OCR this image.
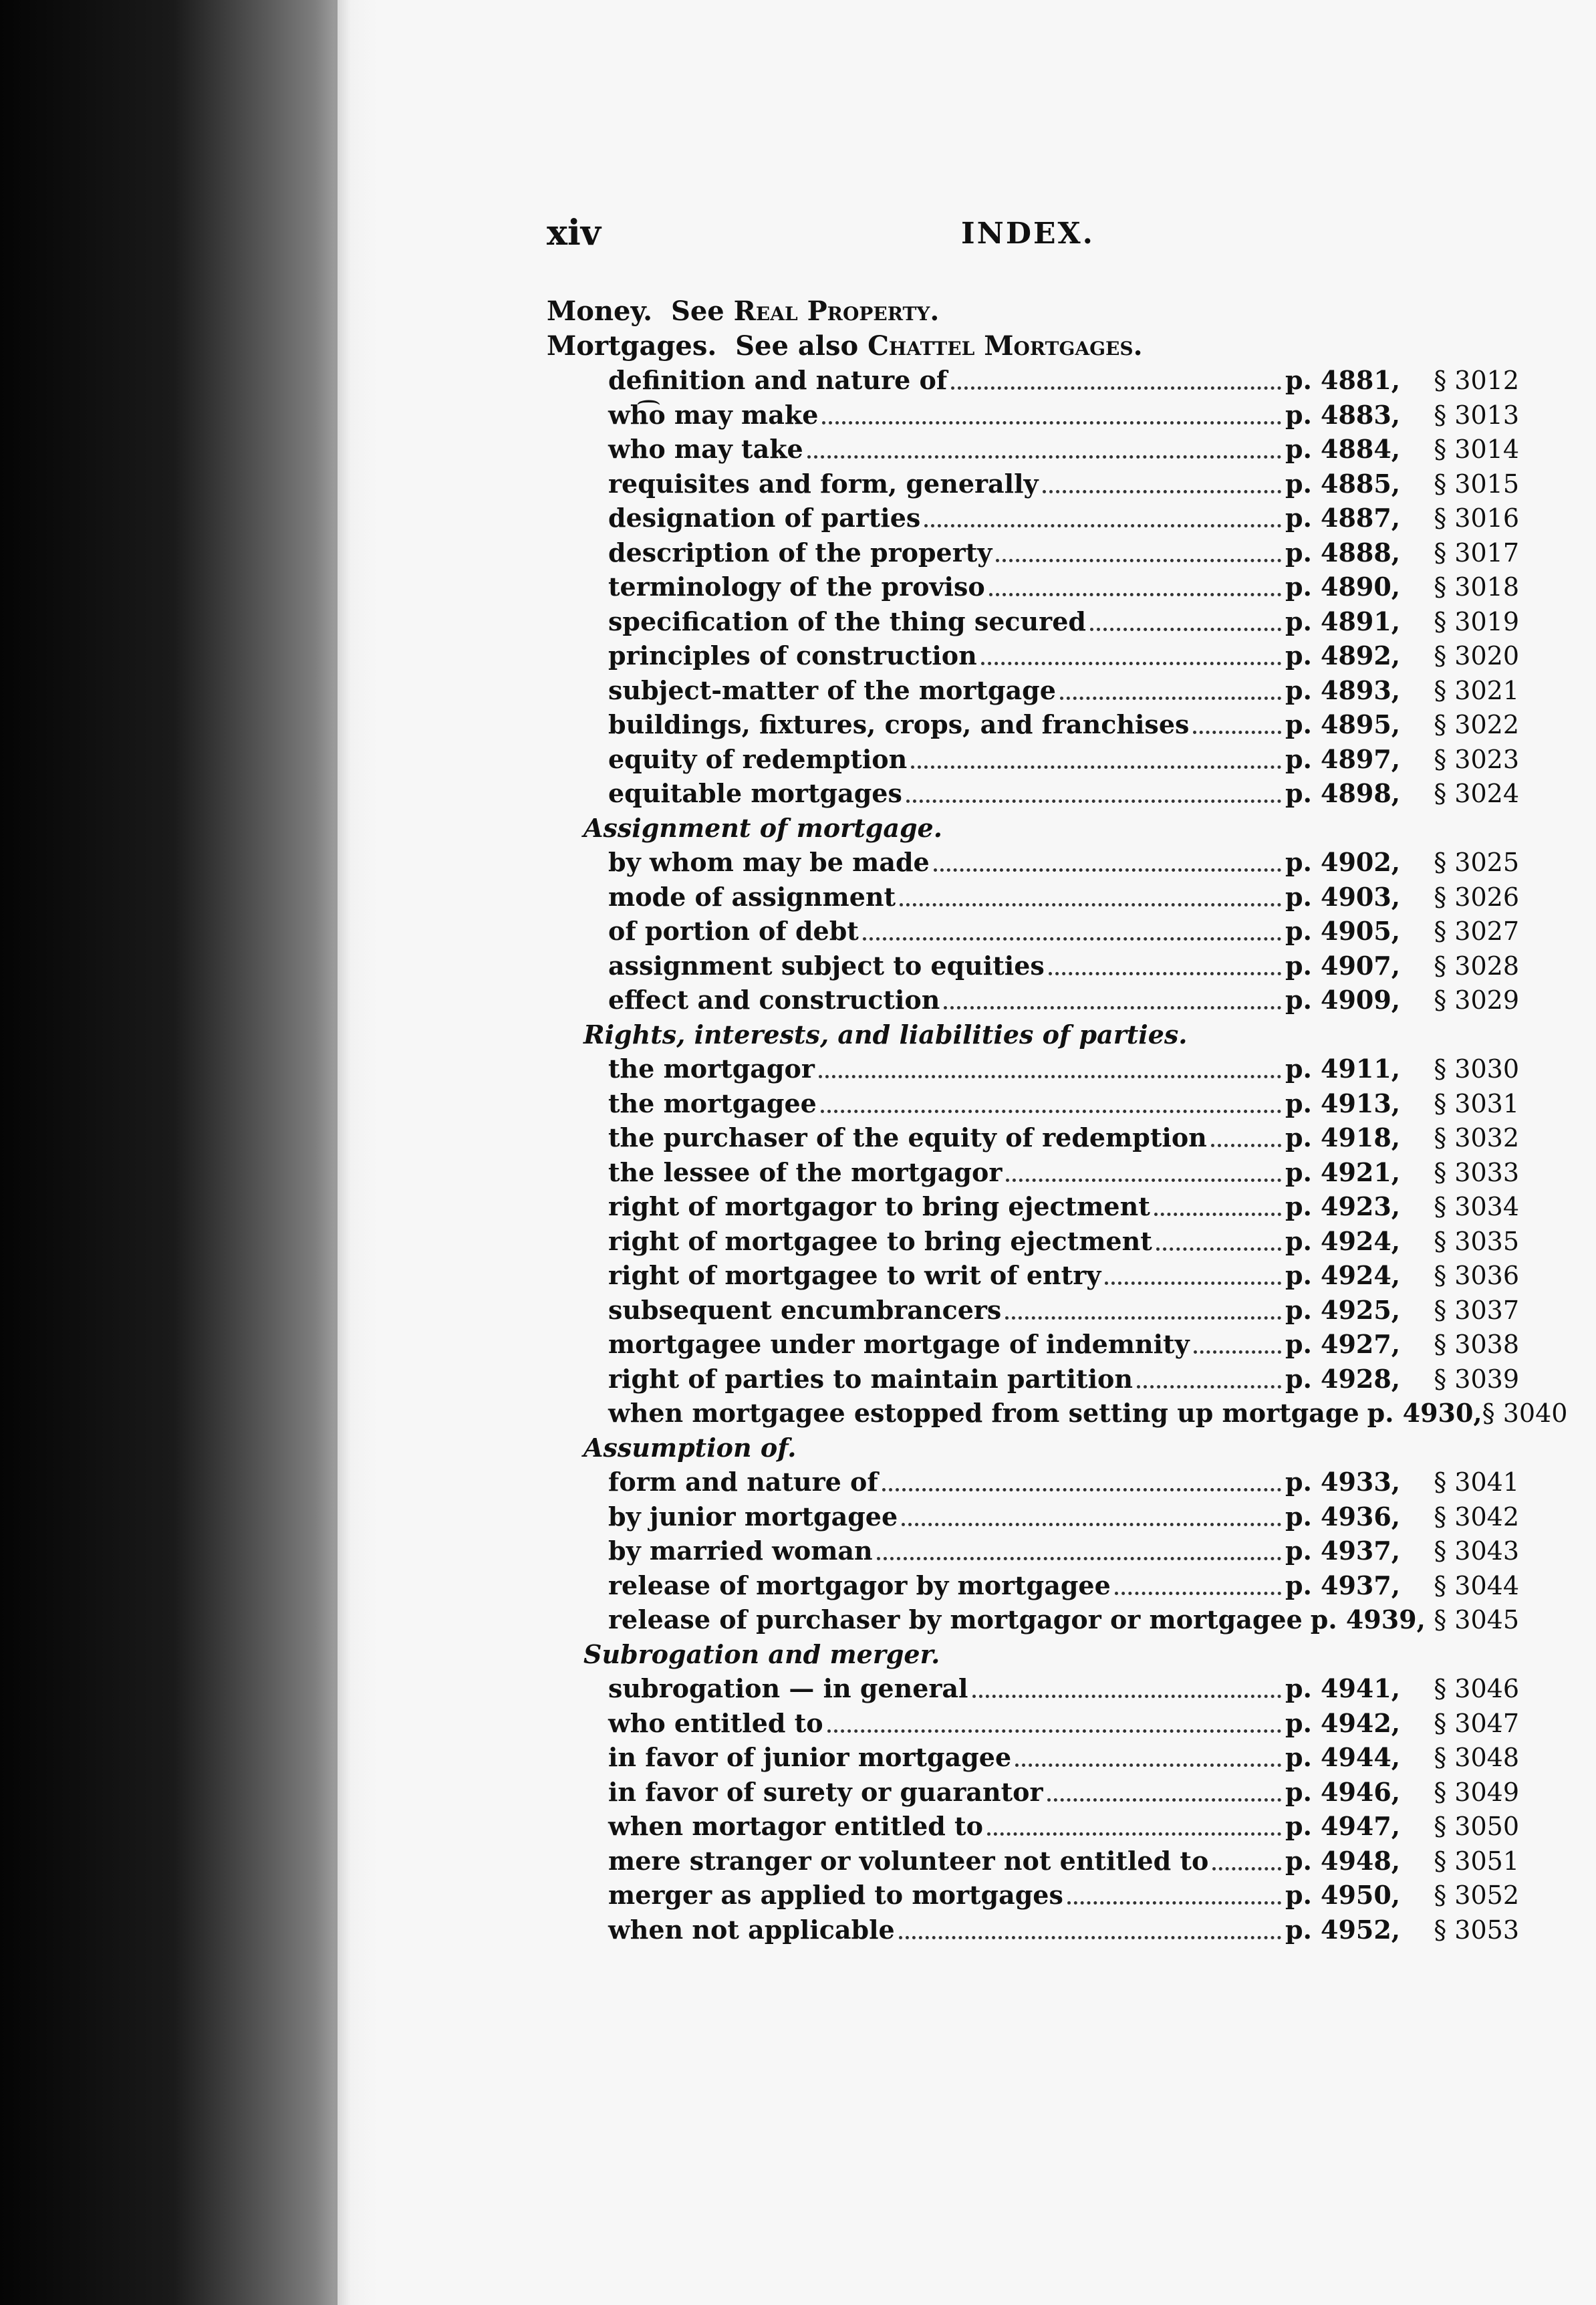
xiv	INDEX.
Money. See Real Property.
Mortgages. See also Chattel Mortgages.
definition and nature of	p. 4881,	§ 3012
wh͡o may make	p. 4883,	§ 3013
who may take	p. 4884,	§ 3014
requisites and form, generally	p. 4885,	§ 3015
designation of parties	p. 4887,	§ 3016
description of the property	p. 4888,	§ 3017
terminology of the proviso	p. 4890,	§ 3018
specification of the thing secured	p. 4891,	§ 3019
principles of construction	p. 4892,	§ 3020
subject-matter of the mortgage	p. 4893,	§ 3021
buildings, fixtures, crops, and franchises	p. 4895,	§ 3022
equity of redemption	p. 4897,	§ 3023
equitable mortgages	p. 4898,	§ 3024
Assignment of mortgage.
by whom may be made	p. 4902,	§ 3025
mode of assignment	p. 4903,	§ 3026
of portion of debt	p. 4905,	§ 3027
assignment subject to equities	p. 4907,	§ 3028
effect and construction	p. 4909,	§ 3029
Rights, interests, and liabilities of parties.
the mortgagor	p. 4911,	§ 3030
the mortgagee	p. 4913,	§ 3031
the purchaser of the equity of redemption	p. 4918,	§ 3032
the lessee of the mortgagor	p. 4921,	§ 3033
right of mortgagor to bring ejectment	p. 4923,	§ 3034
right of mortgagee to bring ejectment	p. 4924,	§ 3035
right of mortgagee to writ of entry	p. 4924,	§ 3036
subsequent encumbrancers	p. 4925,	§ 3037
mortgagee under mortgage of indemnity	p. 4927,	§ 3038
right of parties to maintain partition	p. 4928,	§ 3039
when mortgagee estopped from setting up mortgage p. 4930, § 3040
Assumption of.
form and nature of	p. 4933,	§ 3041
by junior mortgagee	p. 4936,	§ 3042
by married woman	p. 4937,	§ 3043
release of mortgagor by mortgagee	p. 4937,	§ 3044
release of purchaser by mortgagor or mortgagee p. 4939, § 3045
Subrogation and merger.
subrogation — in general	p. 4941,	§ 3046
who entitled to	p. 4942,	§ 3047
in favor of junior mortgagee	p. 4944,	§ 3048
in favor of surety or guarantor	p. 4946,	§ 3049
when mortagor entitled to	p. 4947,	§ 3050
mere stranger or volunteer not entitled to	p. 4948,	§ 3051
merger as applied to mortgages	p. 4950,	§ 3052
when not applicable	p. 4952,	§ 3053
